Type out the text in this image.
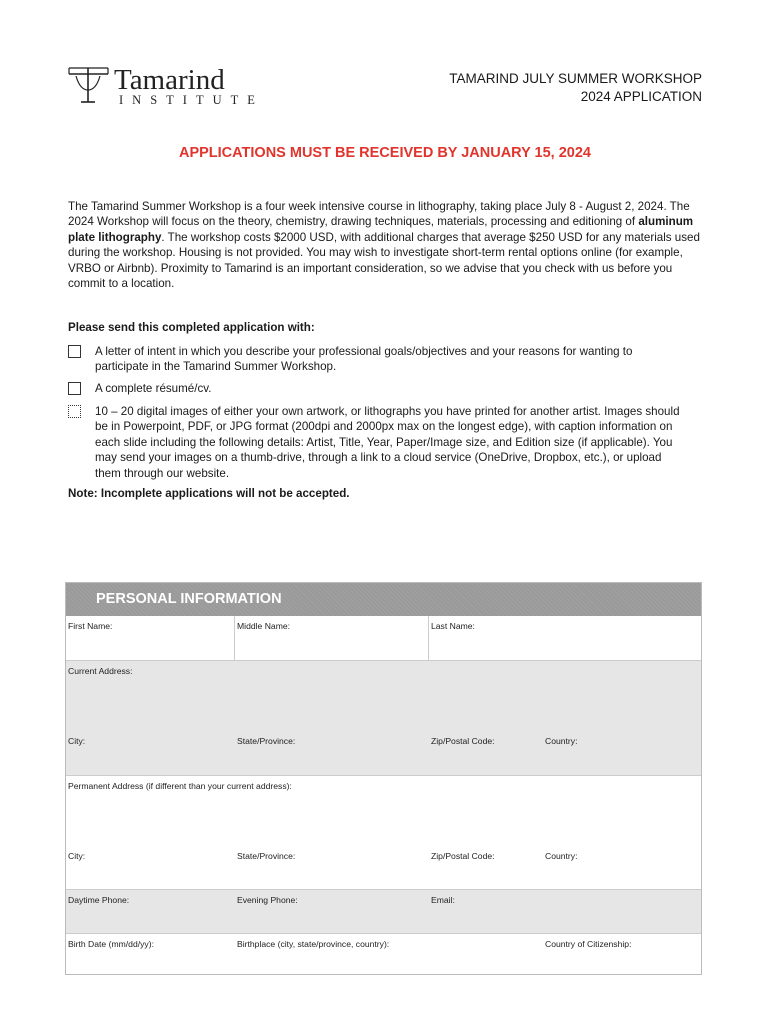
Tamarind
INSTITUTE
TAMARIND JULY SUMMER WORKSHOP
2024 APPLICATION
APPLICATIONS MUST BE RECEIVED BY JANUARY 15, 2024
The Tamarind Summer Workshop is a four week intensive course in lithography, taking place July 8 - August 2, 2024. The 2024 Workshop will focus on the theory, chemistry, drawing techniques, materials, processing and editioning of aluminum plate lithography. The workshop costs $2000 USD, with additional charges that average $250 USD for any materials used during the workshop. Housing is not provided. You may wish to investigate short-term rental options online (for example, VRBO or Airbnb). Proximity to Tamarind is an important consideration, so we advise that you check with us before you commit to a location.
Please send this completed application with:
A letter of intent in which you describe your professional goals/objectives and your reasons for wanting to participate in the Tamarind Summer Workshop.
A complete résumé/cv.
10 – 20 digital images of either your own artwork, or lithographs you have printed for another artist. Images should be in Powerpoint, PDF, or JPG format (200dpi and 2000px max on the longest edge), with caption information on each slide including the following details: Artist, Title, Year, Paper/Image size, and Edition size (if applicable). You may send your images on a thumb-drive, through a link to a cloud service (OneDrive, Dropbox, etc.), or upload them through our website.
Note: Incomplete applications will not be accepted.
PERSONAL INFORMATION
First Name:	Middle Name:	Last Name:
Current Address:
City:	State/Province:	Zip/Postal Code:	Country:
Permanent Address (if different than your current address):
City:	State/Province:	Zip/Postal Code:	Country:
Daytime Phone:	Evening Phone:	Email:
Birth Date (mm/dd/yy):	Birthplace (city, state/province, country):	Country of Citizenship:
